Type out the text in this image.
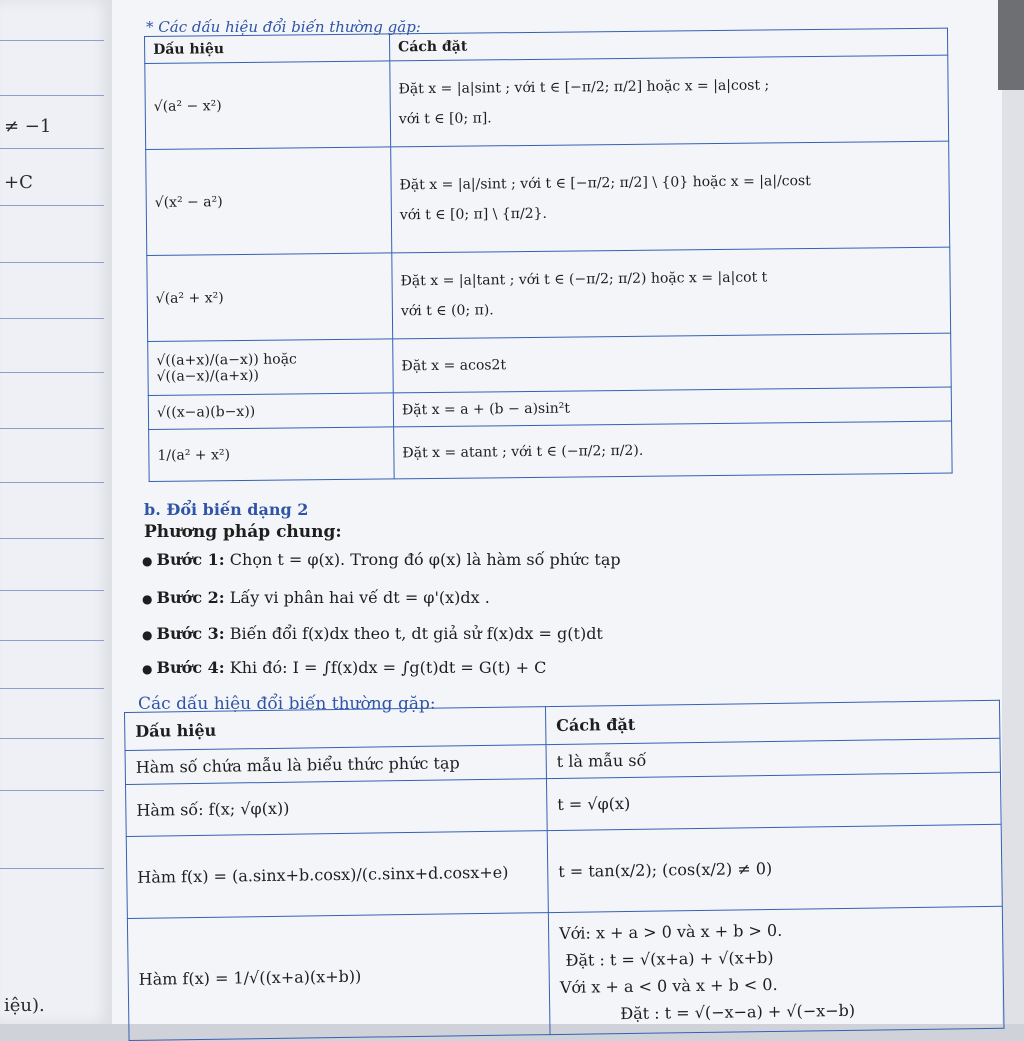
≠ −1
+C
iệu).
* Các dấu hiệu đổi biến thường gặp:
Dấu hiệu	Cách đặt
√(a² − x²)	Đặt x = |a|sint ; với t ∈ [−π/2; π/2] hoặc x = |a|cost ;
với t ∈ [0; π].

√(x² − a²)	Đặt x = |a|/sint ; với t ∈ [−π/2; π/2] \ {0} hoặc x = |a|/cost
với t ∈ [0; π] \ {π/2}.

√(a² + x²)	Đặt x = |a|tant ; với t ∈ (−π/2; π/2) hoặc x = |a|cot t
với t ∈ (0; π).

√((a+x)/(a−x)) hoặc √((a−x)/(a+x))	Đặt x = acos2t
√((x−a)(b−x))	Đặt x = a + (b − a)sin²t
1/(a² + x²)	Đặt x = atant ; với t ∈ (−π/2; π/2).
b. Đổi biến dạng 2
Phương pháp chung:
● Bước 1: Chọn t = φ(x). Trong đó φ(x) là hàm số phức tạp
● Bước 2: Lấy vi phân hai vế dt = φ'(x)dx .
● Bước 3: Biến đổi f(x)dx theo t, dt giả sử f(x)dx = g(t)dt
● Bước 4: Khi đó: I = ∫f(x)dx = ∫g(t)dt = G(t) + C
Các dấu hiệu đổi biến thường gặp:
Dấu hiệu	Cách đặt
Hàm số chứa mẫu là biểu thức phức tạp	t là mẫu số
Hàm số: f(x; √φ(x))	t = √φ(x)
Hàm f(x) = (a.sinx+b.cosx)/(c.sinx+d.cosx+e)	t = tan(x/2); (cos(x/2) ≠ 0)
Hàm f(x) = 1/√((x+a)(x+b))	Với: x + a > 0 và x + b > 0.
Đặt : t = √(x+a) + √(x+b)
Với x + a < 0 và x + b < 0.
Đặt : t = √(−x−a) + √(−x−b)
